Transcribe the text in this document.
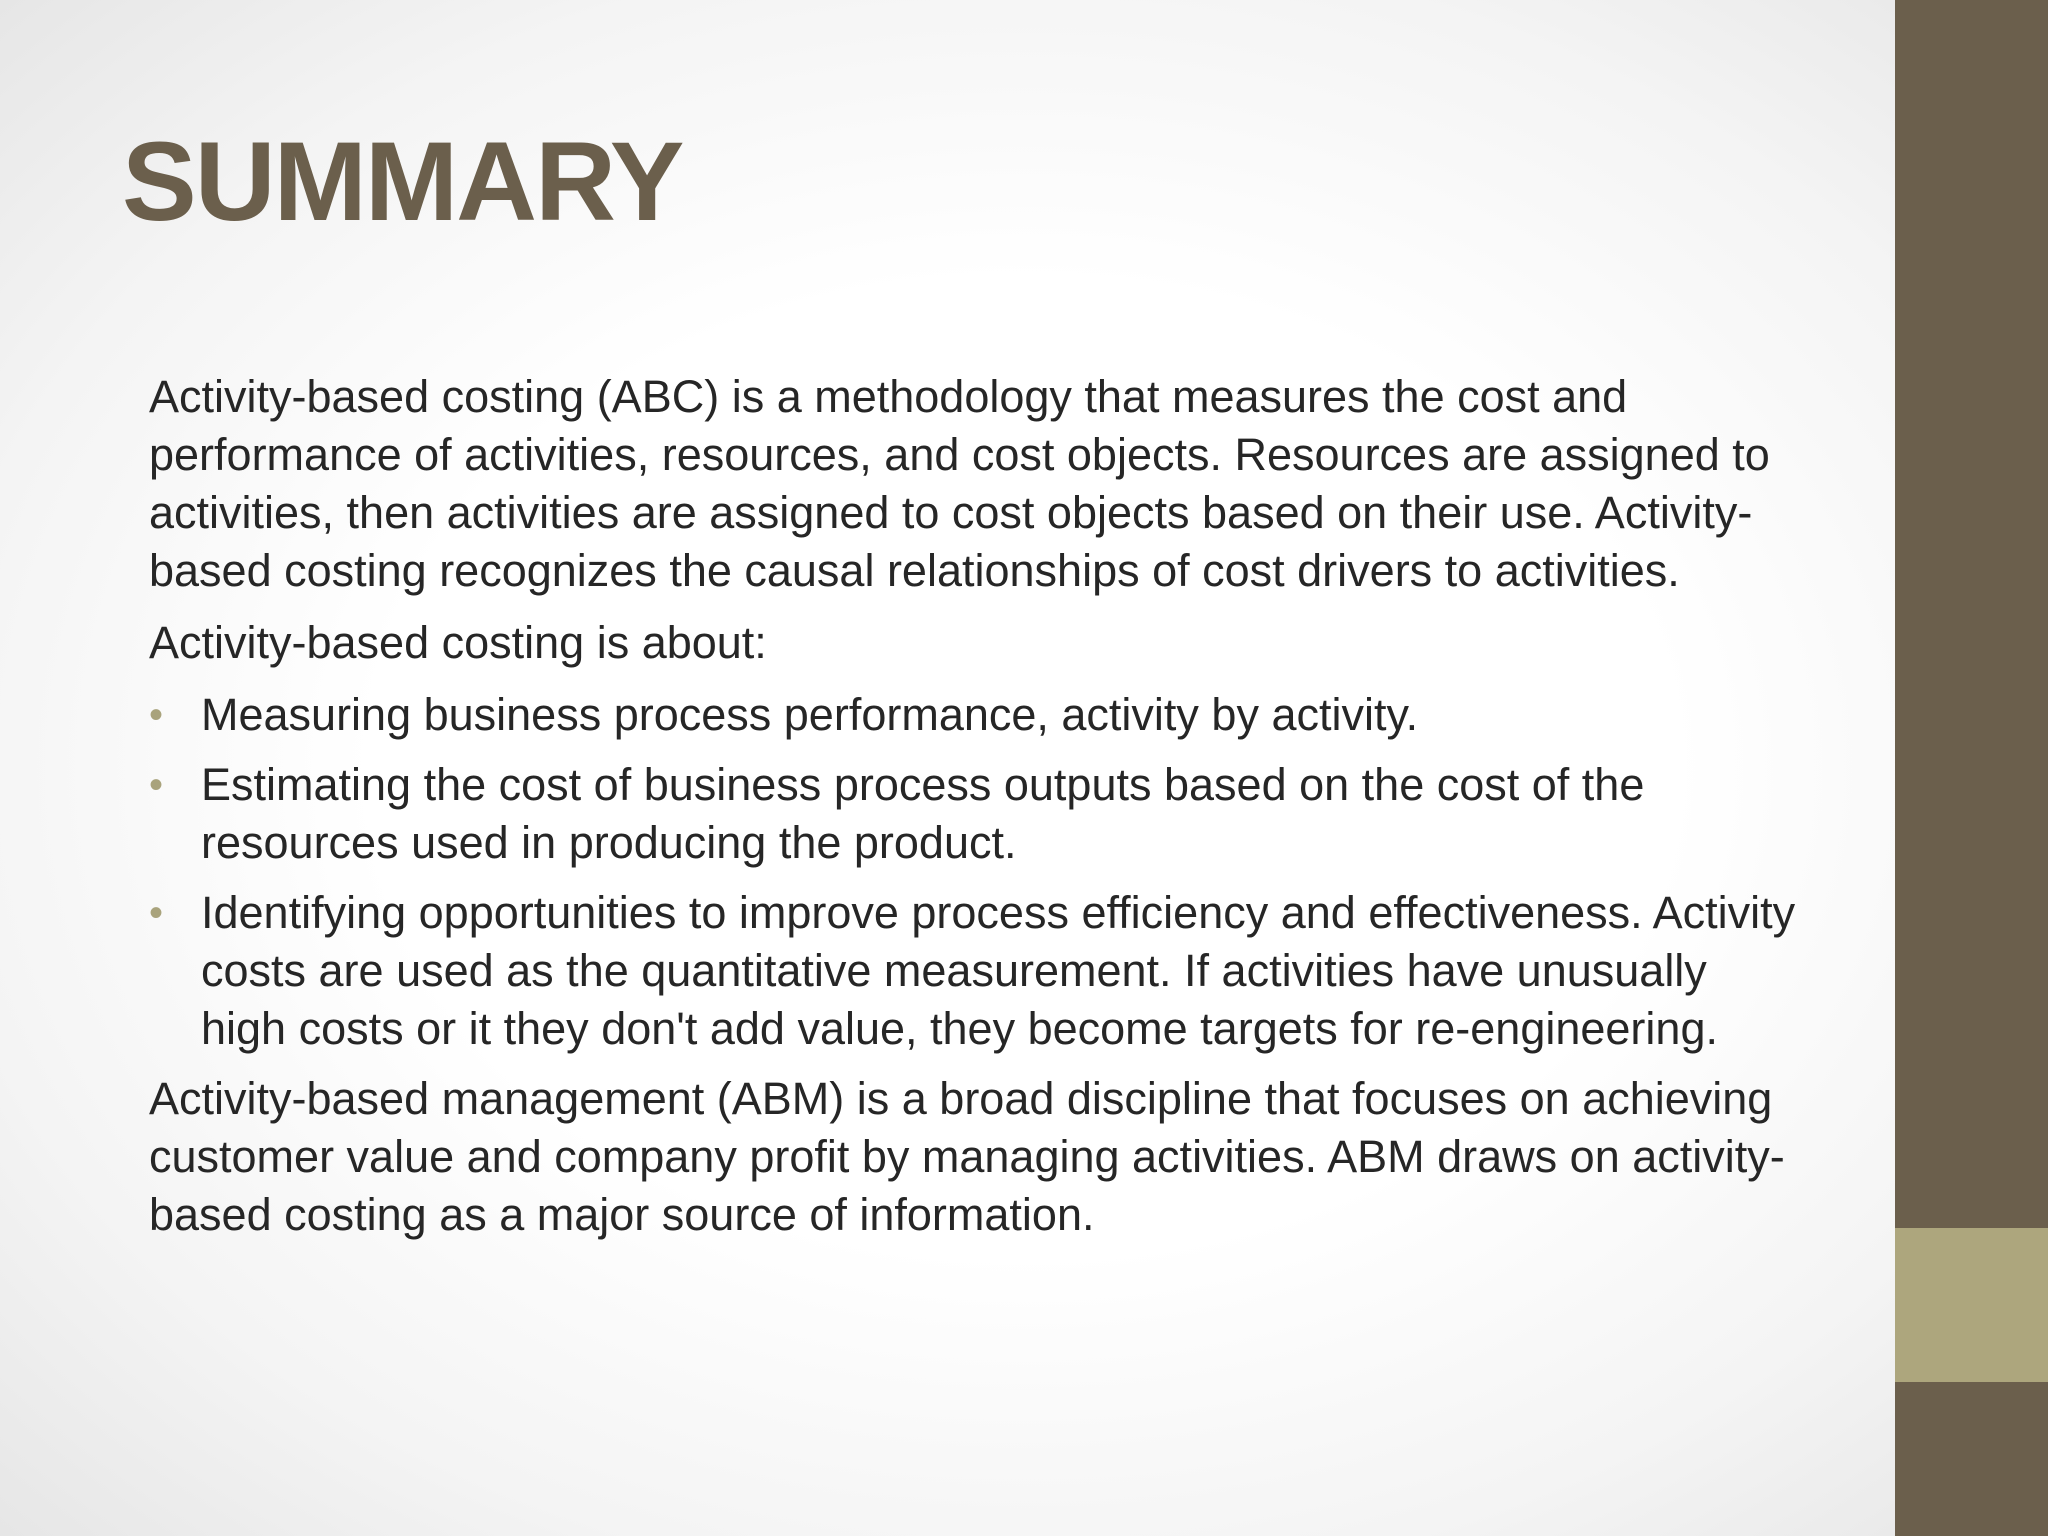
SUMMARY

Activity-based costing (ABC) is a methodology that measures the cost and performance of activities, resources, and cost objects. Resources are assigned to activities, then activities are assigned to cost objects based on their use. Activity-based costing recognizes the causal relationships of cost drivers to activities.

Activity-based costing is about:

• Measuring business process performance, activity by activity.
• Estimating the cost of business process outputs based on the cost of the resources used in producing the product.
• Identifying opportunities to improve process efficiency and effectiveness. Activity costs are used as the quantitative measurement. If activities have unusually high costs or it they don't add value, they become targets for re-engineering.

Activity-based management (ABM) is a broad discipline that focuses on achieving customer value and company profit by managing activities. ABM draws on activity-based costing as a major source of information.
